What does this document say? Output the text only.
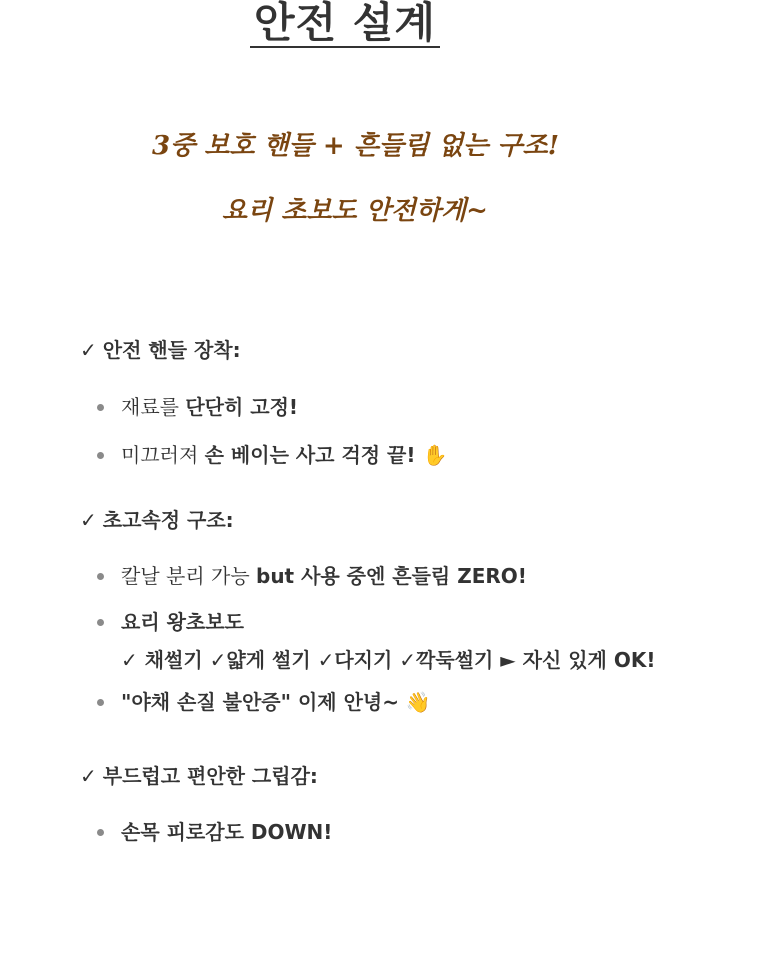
안전 설계
3중 보호 핸들 + 흔들림 없는 구조!
요리 초보도 안전하게~
✓ 안전 핸들 장착:
재료를 단단히 고정!
미끄러져 손 베이는 사고 걱정 끝! ✋
✓ 초고속정 구조:
칼날 분리 가능 but 사용 중엔 흔들림 ZERO!
요리 왕초보도
✓ 채썰기 ✓얇게 썰기 ✓다지기 ✓깍둑썰기 ► 자신 있게 OK!
"야채 손질 불안증" 이제 안녕~ 👋
✓ 부드럽고 편안한 그립감:
손목 피로감도 DOWN!
